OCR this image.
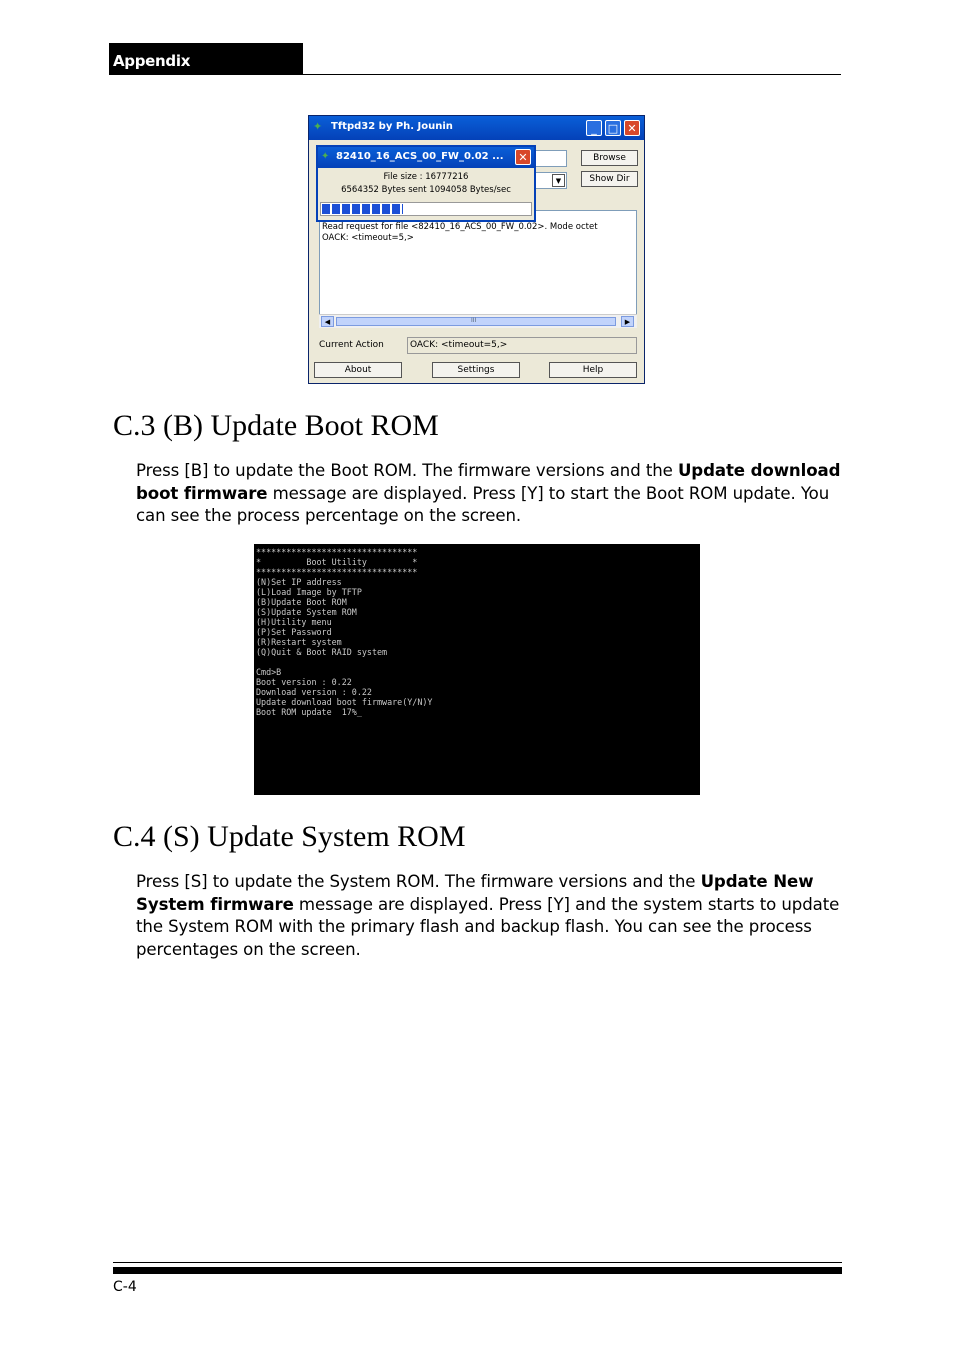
Appendix
✦ Tftpd32 by Ph. Jounin	_	□ ✕
Browse
▼	Show Dir
Read request for file <82410_16_ACS_00_FW_0.02>. Mode octet
OACK: <timeout=5,>
◀	III	▶
Current Action	OACK: <timeout=5,>
About	Settings	Help
✦ 82410_16_ACS_00_FW_0.02 ...	✕
File size : 16777216
6564352 Bytes sent 1094058 Bytes/sec
C.3 (B) Update Boot ROM

Press [B] to update the Boot ROM. The firmware versions and the Update download boot firmware message are displayed. Press [Y] to start the Boot ROM update. You can see the process percentage on the screen.

********************************
*         Boot Utility         *
********************************
(N)Set IP address
(L)Load Image by TFTP
(B)Update Boot ROM
(S)Update System ROM
(H)Utility menu
(P)Set Password
(R)Restart system
(Q)Quit & Boot RAID system

Cmd>B
Boot version : 0.22
Download version : 0.22
Update download boot firmware(Y/N)Y
Boot ROM update  17%_
C.4 (S) Update System ROM

Press [S] to update the System ROM. The firmware versions and the Update New System firmware message are displayed. Press [Y] and the system starts to update the System ROM with the primary flash and backup flash. You can see the process percentages on the screen.

C-4
